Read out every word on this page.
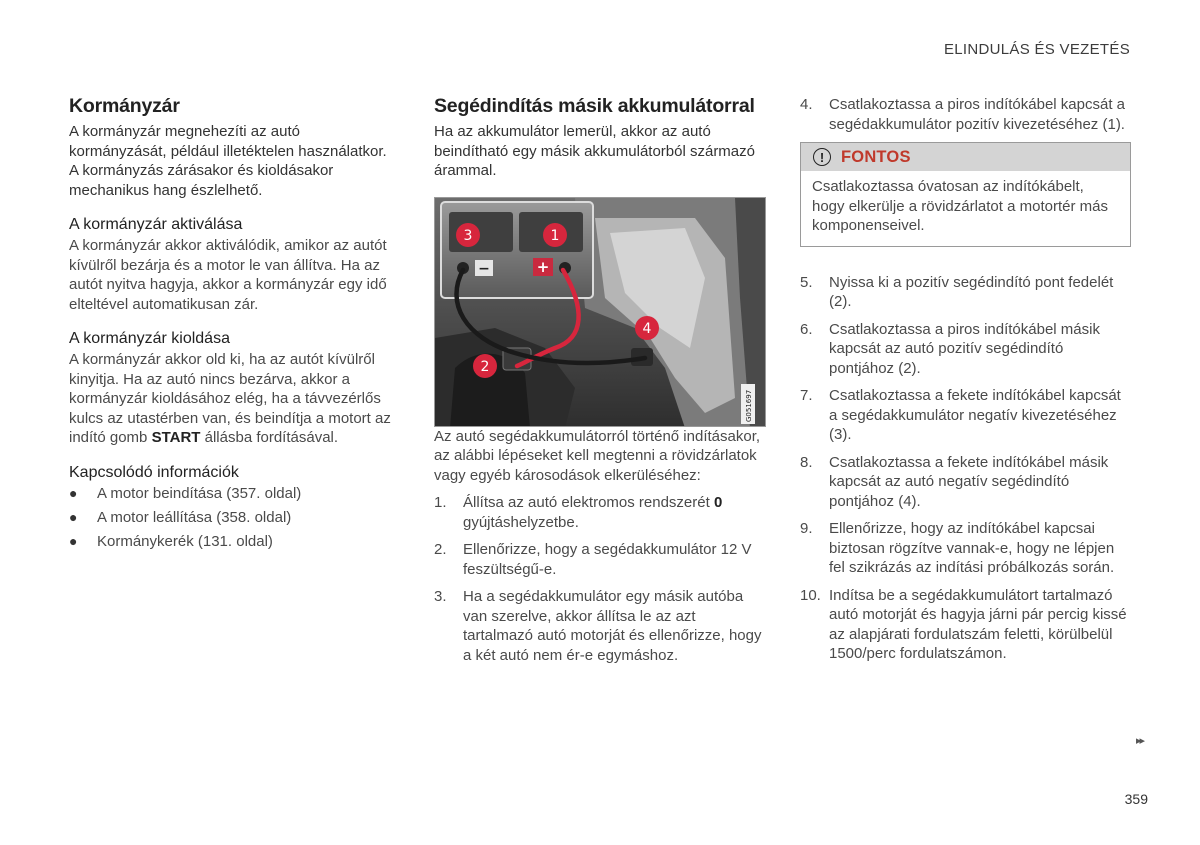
ELINDULÁS ÉS VEZETÉS
Kormányzár

A kormányzár megnehezíti az autó kormányzását, például illetéktelen használatkor. A kormányzás zárásakor és kioldásakor mechanikus hang észlelhető.

A kormányzár aktiválása

A kormányzár akkor aktiválódik, amikor az autót kívülről bezárja és a motor le van állítva. Ha az autót nyitva hagyja, akkor a kormányzár egy idő elteltével automatikusan zár.

A kormányzár kioldása

A kormányzár akkor old ki, ha az autót kívülről kinyitja. Ha az autó nincs bezárva, akkor a kormányzár kioldásához elég, ha a távvezérlős kulcs az utastérben van, és beindítja a motort az indító gomb START állásba fordításával.

Kapcsolódó információk
● A motor beindítása (357. oldal)
● A motor leállítása (358. oldal)
● Kormánykerék (131. oldal)
Segédindítás másik akkumulátorral

Ha az akkumulátor lemerül, akkor az autó beindítható egy másik akkumulátorból származó árammal.

−	+
3	1
4
2
G051697

Az autó segédakkumulátorról történő indításakor, az alábbi lépéseket kell megtenni a rövidzárlatok vagy egyéb károsodások elkerüléséhez:

1. Állítsa az autó elektromos rendszerét 0 gyújtáshelyzetbe.
2. Ellenőrizze, hogy a segédakkumulátor 12 V feszültségű-e.
3. Ha a segédakkumulátor egy másik autóba van szerelve, akkor állítsa le az azt tartalmazó autó motorját és ellenőrizze, hogy a két autó nem ér-e egymáshoz.
4. Csatlakoztassa a piros indítókábel kapcsát a segédakkumulátor pozitív kivezetéséhez (1).
!	FONTOS
Csatlakoztassa óvatosan az indítókábelt, hogy elkerülje a rövidzárlatot a motortér más komponenseivel.
5. Nyissa ki a pozitív segédindító pont fedelét (2).
6. Csatlakoztassa a piros indítókábel másik kapcsát az autó pozitív segédindító pontjához (2).
7. Csatlakoztassa a fekete indítókábel kapcsát a segédakkumulátor negatív kivezetéséhez (3).
8. Csatlakoztassa a fekete indítókábel másik kapcsát az autó negatív segédindító pontjához (4).
9. Ellenőrizze, hogy az indítókábel kapcsai biztosan rögzítve vannak-e, hogy ne lépjen fel szikrázás az indítási próbálkozás során.
10. Indítsa be a segédakkumulátort tartalmazó autó motorját és hagyja járni pár percig kissé az alapjárati fordulatszám feletti, körülbelül 1500/perc fordulatszámon.
▸▸
359
